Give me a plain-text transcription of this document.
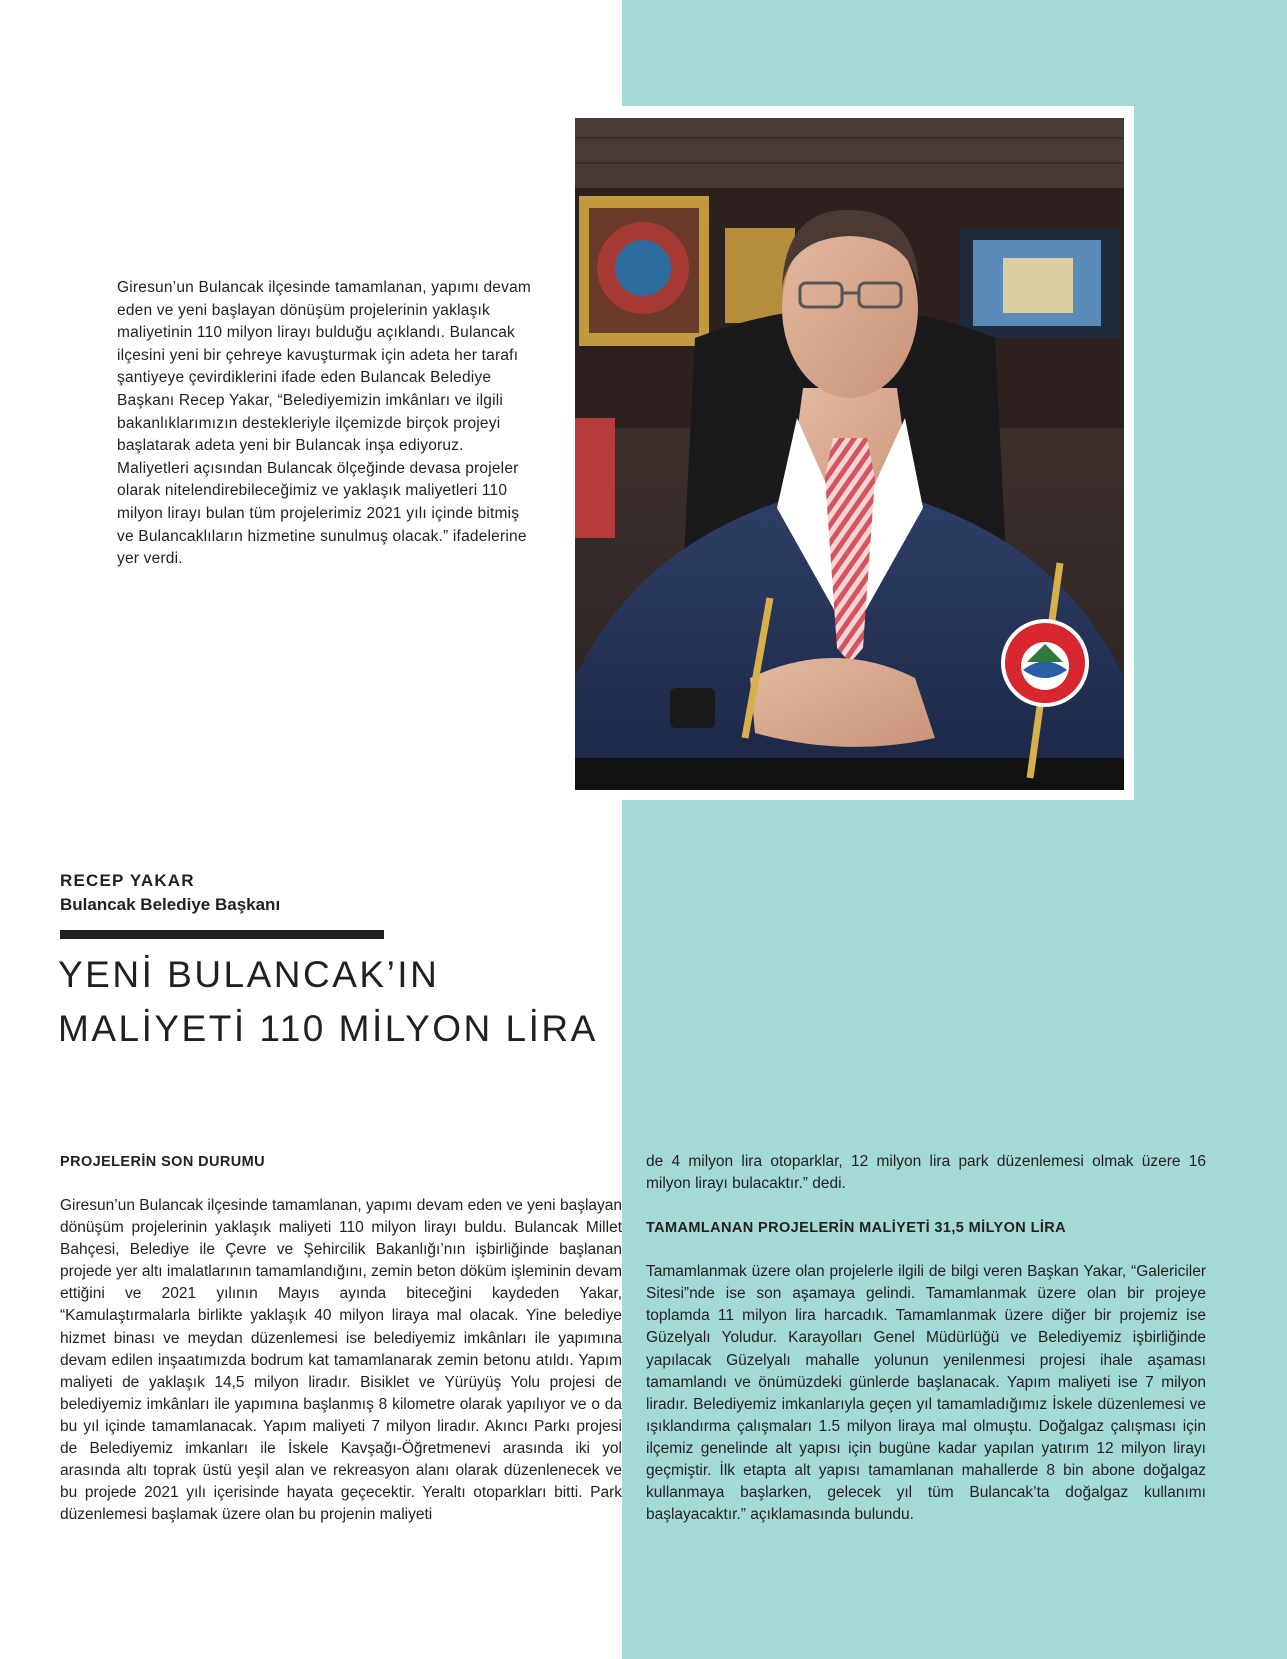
Giresun’un Bulancak ilçesinde tamamlanan, yapımı devam eden ve yeni başlayan dönüşüm projelerinin yaklaşık maliyetinin 110 milyon lirayı bulduğu açıklandı. Bulancak ilçesini yeni bir çehreye kavuşturmak için adeta her tarafı şantiyeye çevirdiklerini ifade eden Bulancak Belediye Başkanı Recep Yakar, “Belediyemizin imkânları ve ilgili bakanlıklarımızın destekleriyle ilçemizde birçok projeyi başlatarak adeta yeni bir Bulancak inşa ediyoruz. Maliyetleri açısından Bulancak ölçeğinde devasa projeler olarak nitelendirebileceğimiz ve yaklaşık maliyetleri 110 milyon lirayı bulan tüm projelerimiz 2021 yılı içinde bitmiş ve Bulancaklıların hizmetine sunulmuş olacak.” ifadelerine yer verdi.

RECEP YAKAR
Bulancak Belediye Başkanı
YENİ BULANCAK’IN
MALİYETİ 110 MİLYON LİRA
PROJELERİN SON DURUMU

Giresun’un Bulancak ilçesinde tamamlanan, yapımı devam eden ve yeni başlayan dönüşüm projelerinin yaklaşık maliyeti 110 milyon lirayı buldu. Bulancak Millet Bahçesi, Belediye ile Çevre ve Şehircilik Bakanlığı’nın işbirliğinde başlanan projede yer altı imalatlarının tamamlandığını, zemin beton döküm işleminin devam ettiğini ve 2021 yılının Mayıs ayında biteceğini kaydeden Yakar, “Kamulaştırmalarla birlikte yaklaşık 40 milyon liraya mal olacak. Yine belediye hizmet binası ve meydan düzenlemesi ise belediyemiz imkânları ile yapımına devam edilen inşaatımızda bodrum kat tamamlanarak zemin betonu atıldı. Yapım maliyeti de yaklaşık 14,5 milyon liradır. Bisiklet ve Yürüyüş Yolu projesi de belediyemiz imkânları ile yapımına başlanmış 8 kilometre olarak yapılıyor ve o da bu yıl içinde tamamlanacak. Yapım maliyeti 7 milyon liradır. Akıncı Parkı projesi de Belediyemiz imkanları ile İskele Kavşağı-Öğretmenevi arasında iki yol arasında altı toprak üstü yeşil alan ve rekreasyon alanı olarak düzenlenecek ve bu projede 2021 yılı içerisinde hayata geçecektir. Yeraltı otoparkları bitti. Park düzenlemesi başlamak üzere olan bu projenin maliyeti

de 4 milyon lira otoparklar, 12 milyon lira park düzenlemesi olmak üzere 16 milyon lirayı bulacaktır.” dedi.

TAMAMLANAN PROJELERİN MALİYETİ 31,5 MİLYON LİRA

Tamamlanmak üzere olan projelerle ilgili de bilgi veren Başkan Yakar, “Galericiler Sitesi”nde ise son aşamaya gelindi. Tamamlanmak üzere olan bir projeye toplamda 11 milyon lira harcadık. Tamamlanmak üzere diğer bir projemiz ise Güzelyalı Yoludur. Karayolları Genel Müdürlüğü ve Belediyemiz işbirliğinde yapılacak Güzelyalı mahalle yolunun yenilenmesi projesi ihale aşaması tamamlandı ve önümüzdeki günlerde başlanacak. Yapım maliyeti ise 7 milyon liradır. Belediyemiz imkanlarıyla geçen yıl tamamladığımız İskele düzenlemesi ve ışıklandırma çalışmaları 1.5 milyon liraya mal olmuştu. Doğalgaz çalışması için ilçemiz genelinde alt yapısı için bugüne kadar yapılan yatırım 12 milyon lirayı geçmiştir. İlk etapta alt yapısı tamamlanan mahallerde 8 bin abone doğalgaz kullanmaya başlarken, gelecek yıl tüm Bulancak’ta doğalgaz kullanımı başlayacaktır.” açıklamasında bulundu.
